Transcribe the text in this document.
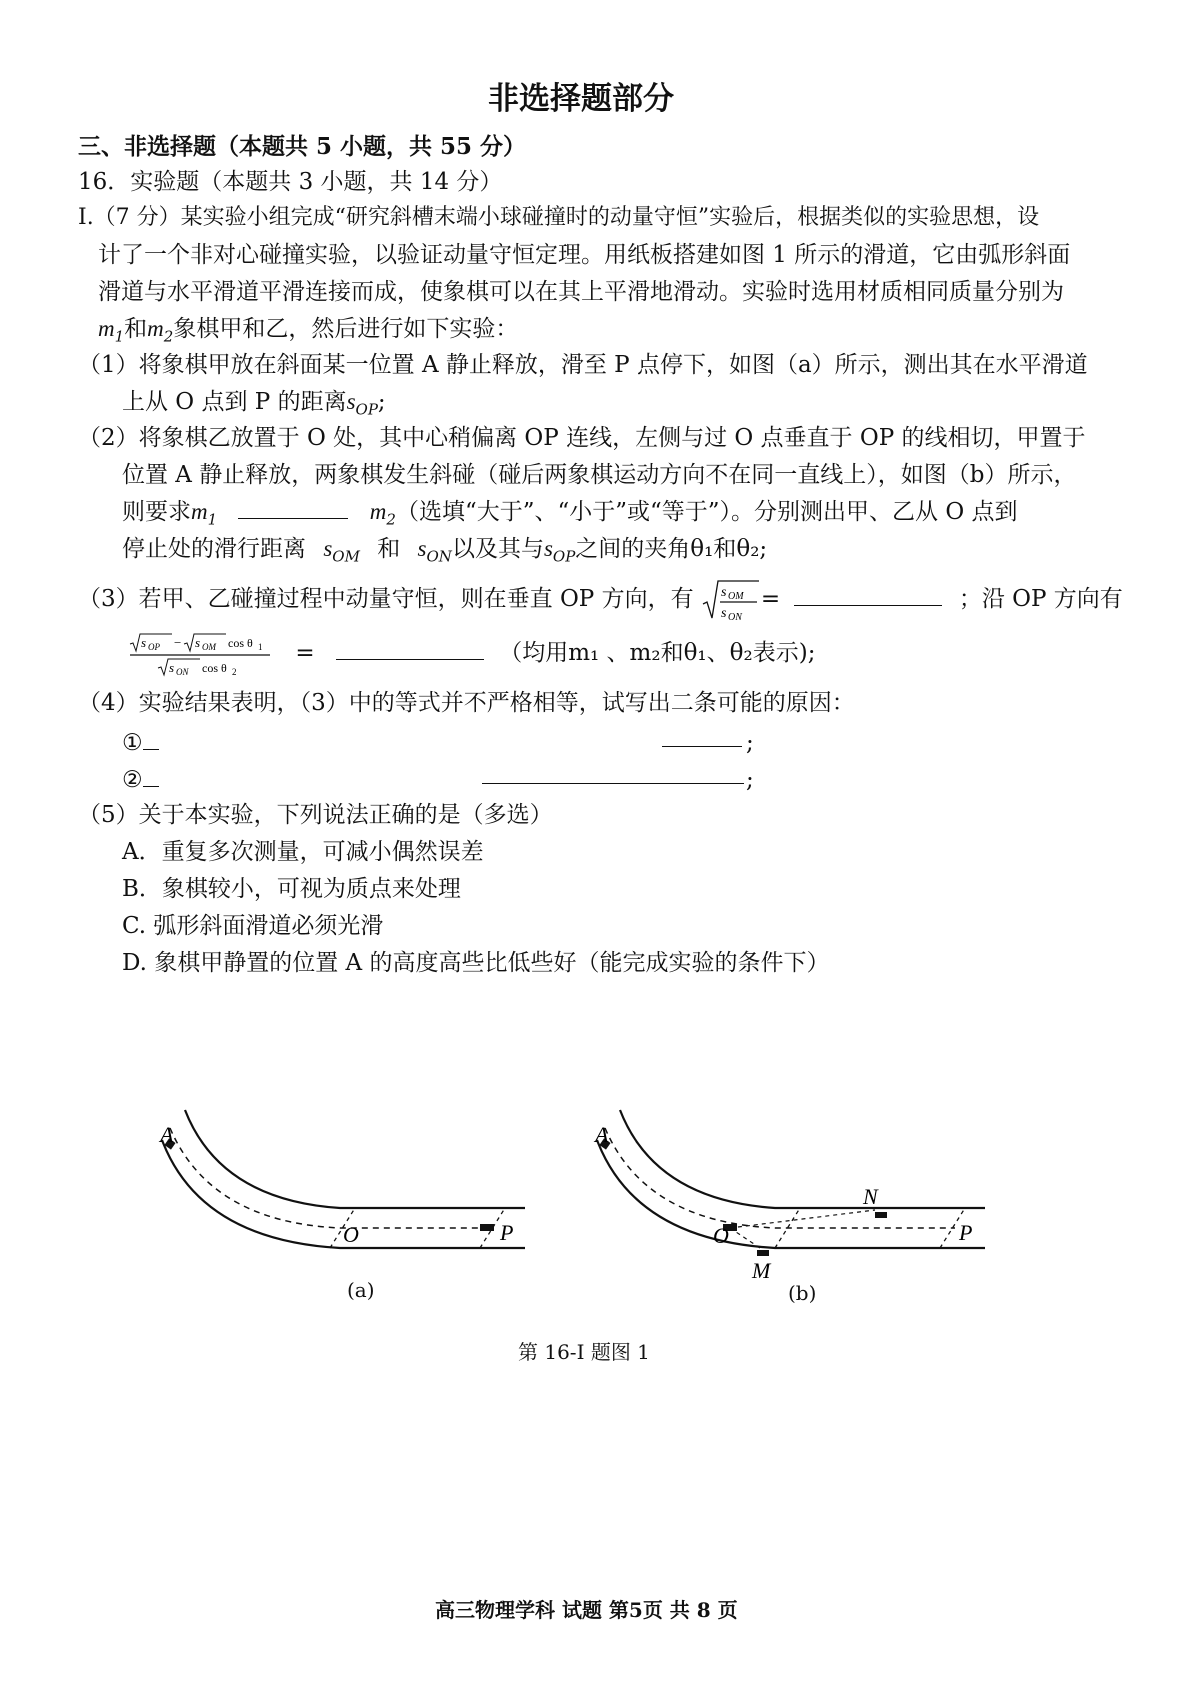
非选择题部分
三、非选择题（本题共 5 小题，共 55 分）
16．实验题（本题共 3 小题，共 14 分）
I.（7 分）某实验小组完成“研究斜槽末端小球碰撞时的动量守恒”实验后，根据类似的实验思想，设
计了一个非对心碰撞实验，以验证动量守恒定理。用纸板搭建如图 1 所示的滑道，它由弧形斜面
滑道与水平滑道平滑连接而成，使象棋可以在其上平滑地滑动。实验时选用材质相同质量分别为
$m_1$和$m_2$象棋甲和乙，然后进行如下实验：
（1）将象棋甲放在斜面某一位置 A 静止释放，滑至 P 点停下，如图（a）所示，测出其在水平滑道
上从 O 点到 P 的距离$s_{OP}$;
（2）将象棋乙放置于 O 处，其中心稍偏离 OP 连线，左侧与过 O 点垂直于 OP 的线相切，甲置于
位置 A 静止释放，两象棋发生斜碰（碰后两象棋运动方向不在同一直线上），如图（b）所示，
则要求$m_1$	$m_2$（选填“大于”、“小于”或“等于”）。分别测出甲、乙从 O 点到
停止处的滑行距离 $s_{OM}$ 和 $s_{ON}$以及其与$s_{OP}$之间的夹角θ₁和θ₂;
（3）若甲、乙碰撞过程中动量守恒，则在垂直 OP 方向，有 s OM
s ON
=	；沿 OP 方向有
s OP − s OM cos θ 1
s ON cos θ 2
=	（均用m₁ 、m₂和θ₁、θ₂表示);
（4）实验结果表明，（3）中的等式并不严格相等，试写出二条可能的原因：
①	;
②	;
（5）关于本实验，下列说法正确的是（多选）
A．重复多次测量，可减小偶然误差
B．象棋较小，可视为质点来处理
C. 弧形斜面滑道必须光滑
D. 象棋甲静置的位置 A 的高度高些比低些好（能完成实验的条件下）
A
O	P
(a)
A
O
M
N
P
(b)
第 16-I 题图 1
高三物理学科 试题 第5页 共 8 页
